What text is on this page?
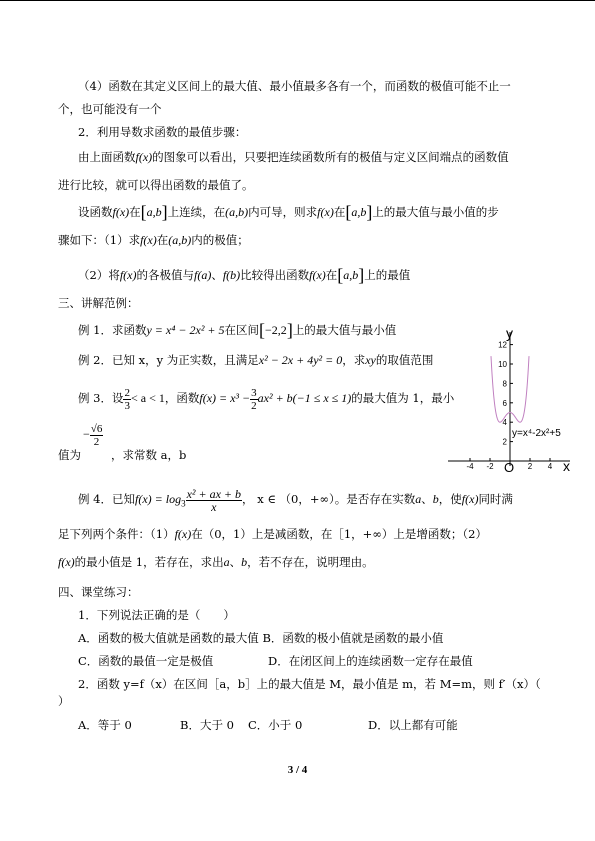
（4）函数在其定义区间上的最大值、最小值最多各有一个，而函数的极值可能不止一
个，也可能没有一个
2．利用导数求函数的最值步骤：
由上面函数f(x)的图象可以看出，只要把连续函数所有的极值与定义区间端点的函数值
进行比较，就可以得出函数的最值了。
设函数f(x)在[a,b]上连续，在(a,b)内可导，则求f(x)在[a,b]上的最大值与最小值的步
骤如下：（1）求f(x)在(a,b)内的极值；
（2）将f(x)的各极值与f(a)、f(b)比较得出函数f(x)在[a,b]上的最值
三、讲解范例：
例 1．求函数y = x⁴ − 2x² + 5在区间[−2,2]上的最大值与最小值
例 2．已知 x，y 为正实数，且满足x² − 2x + 4y² = 0，求xy的取值范围
例 3．设 $\frac{2}{3} < a < 1$，函数$f(x) = x^3 - \frac{3}{2} ax^2 + b(-1 \le x \le 1)$的最大值为 1，最小
− $\frac{√6}{2}$
值为	，求常数 a，b
例 4．已知$f(x) = \log_3 \frac{\text{x² + ax + b}}{x}$ ， x ∈ （0，+∞）。是否存在实数a、b，使f(x)同时满
足下列两个条件：（1）f(x)在（0，1）上是减函数，在［1，+∞）上是增函数；（2）
f(x)的最小值是 1，若存在，求出a、b，若不存在，说明理由。
四、课堂练习：
1．下列说法正确的是（　　）
A．函数的极大值就是函数的最大值 B．函数的极小值就是函数的最小值
C．函数的最值一定是极值	D．在闭区间上的连续函数一定存在最值
2．函数 y=f（x）在区间［a，b］上的最大值是 M，最小值是 m，若 M=m，则 f′（x）（
）
A．等于 0	B．大于 0 C．小于 0	D．以上都有可能
3 / 4
12
10
8
6
4
2
-4 -2	2 4
y
x
O
y=x⁴-2x²+5
